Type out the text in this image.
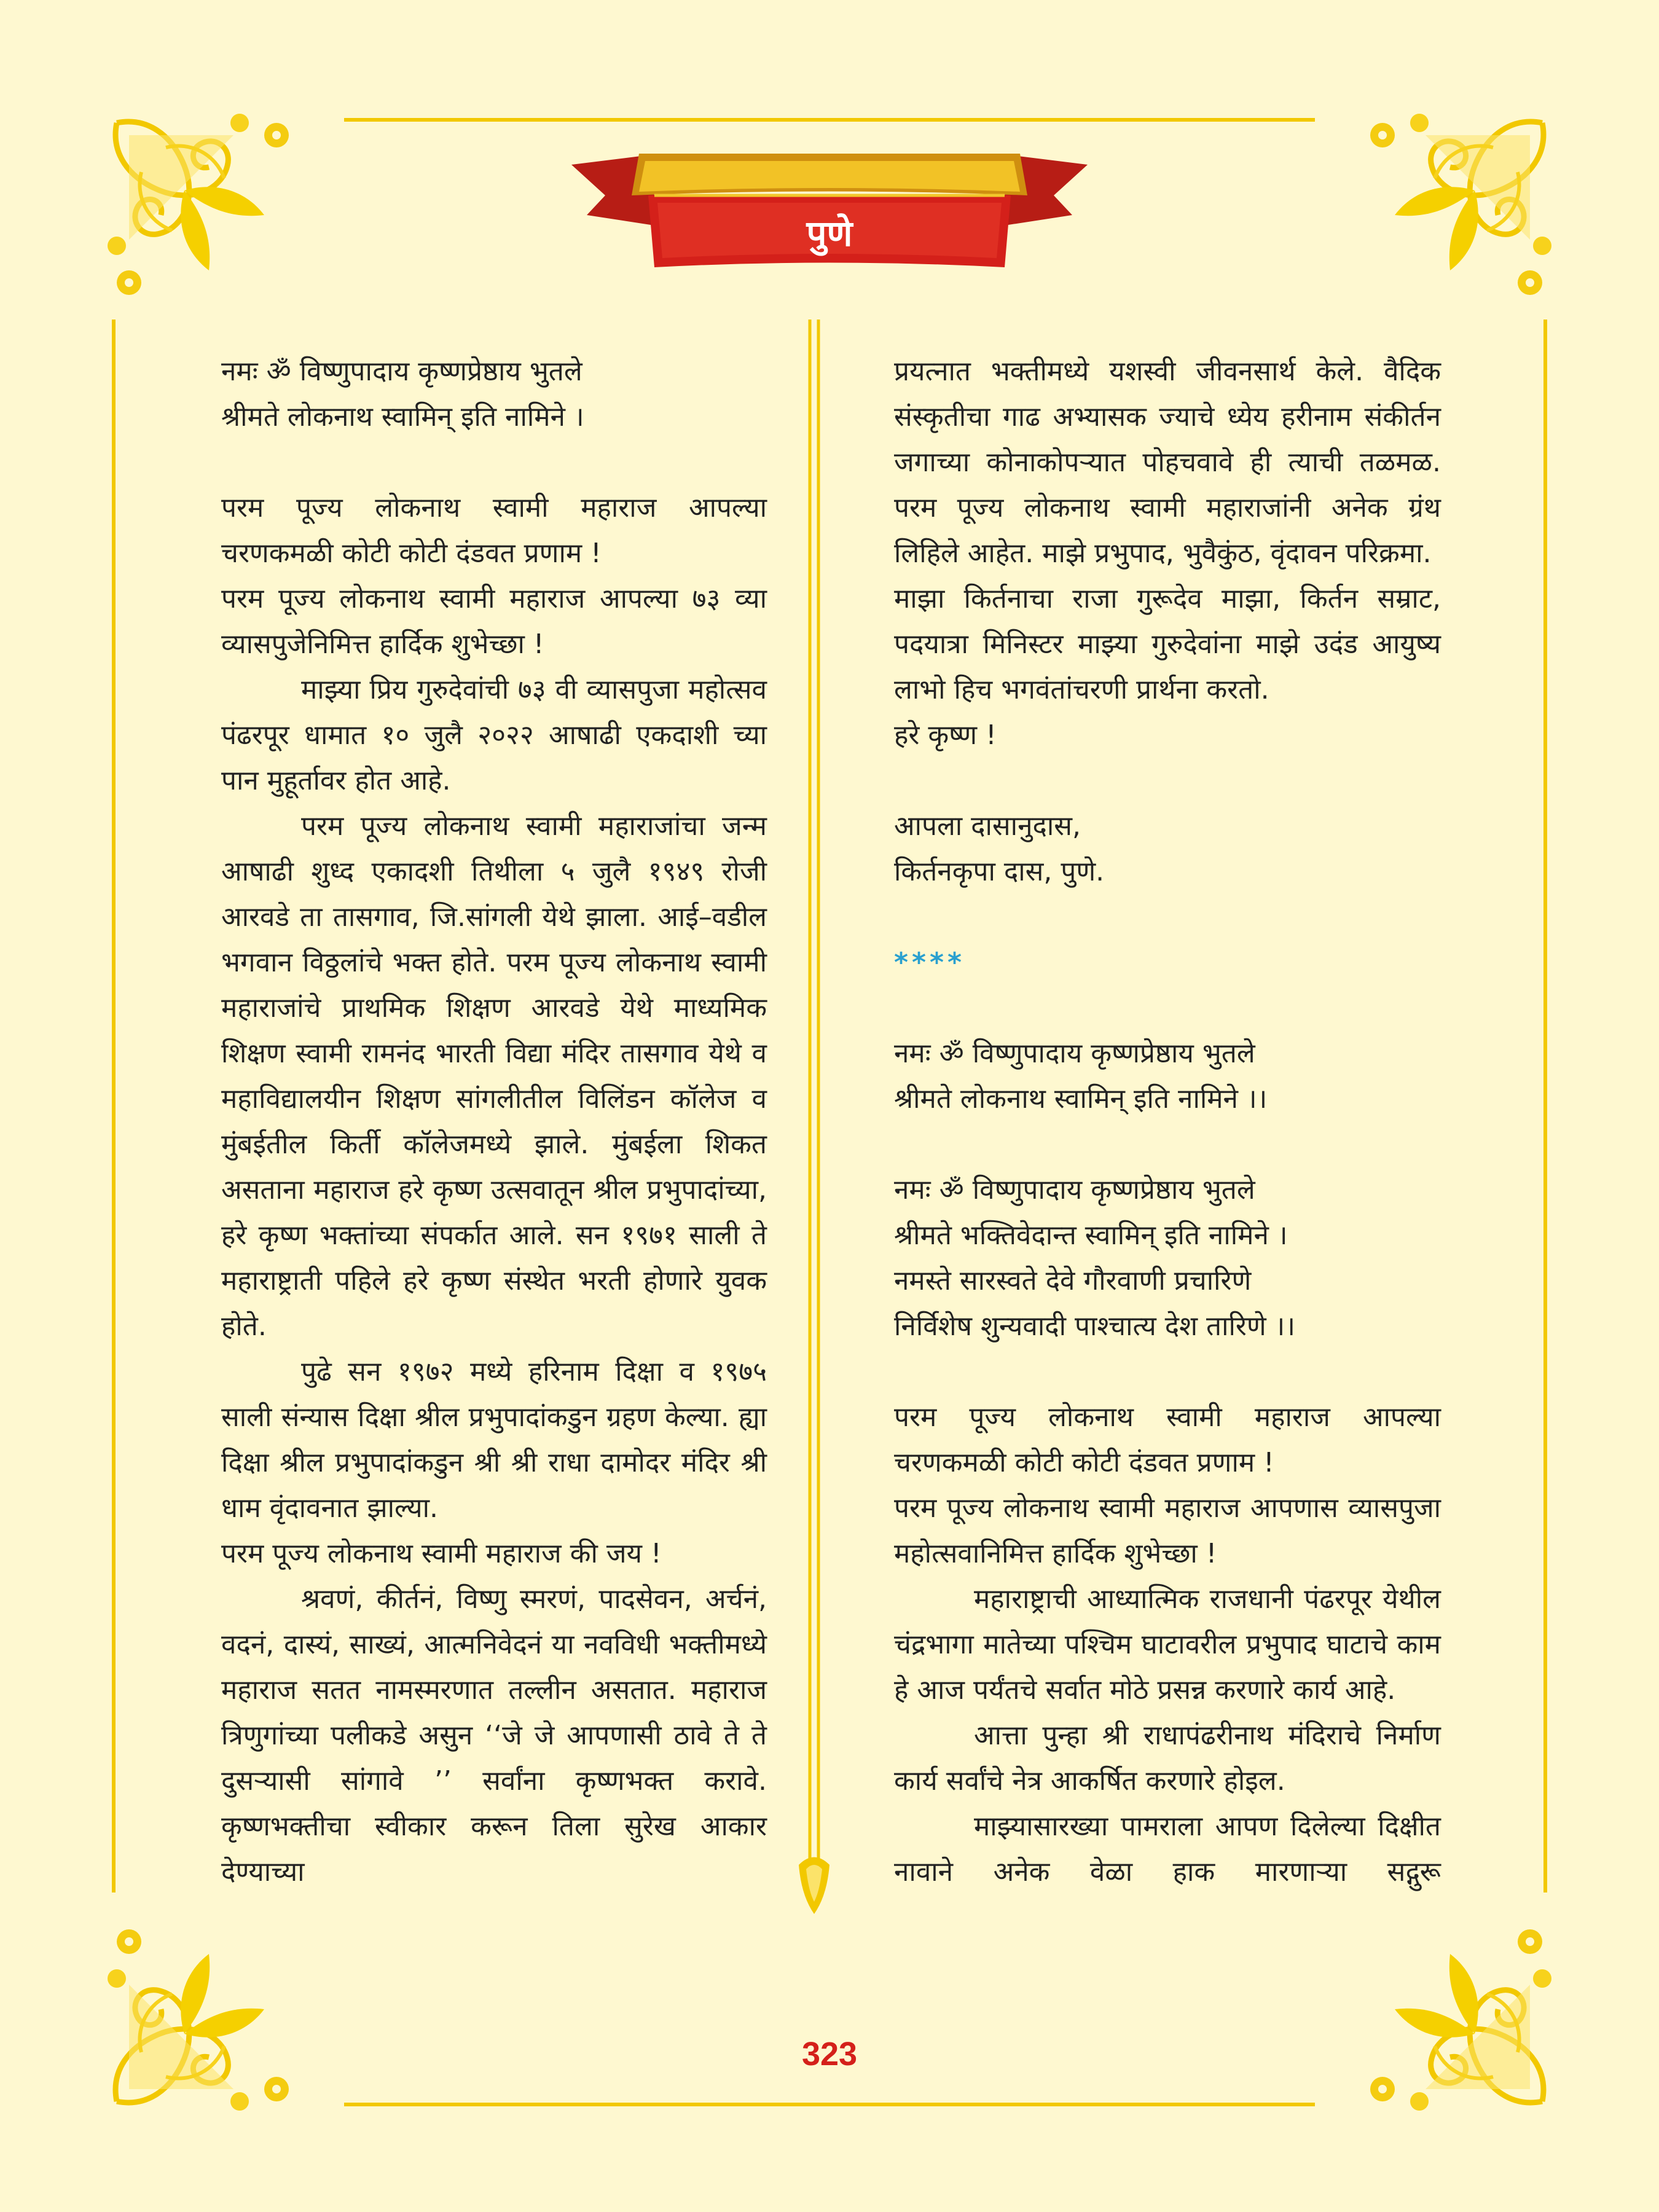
पुणे

नमः ॐ विष्णुपादाय कृष्णप्रेष्ठाय भुतले

श्रीमते लोकनाथ स्वामिन् इति नामिने ।

परम पूज्य लोकनाथ स्वामी महाराज आपल्या चरणकमळी कोटी कोटी दंडवत प्रणाम !

परम पूज्य लोकनाथ स्वामी महाराज आपल्या ७३ व्या व्यासपुजेनिमित्त हार्दिक शुभेच्छा !

माझ्या प्रिय गुरुदेवांची ७३ वी व्यासपुजा महोत्सव पंढरपूर धामात १० जुलै २०२२ आषाढी एकदाशी च्या पान मुहूर्तावर होत आहे.

परम पूज्य लोकनाथ स्वामी महाराजांचा जन्म आषाढी शुध्द एकादशी तिथीला ५ जुलै १९४९ रोजी आरवडे ता तासगाव, जि.सांगली येथे झाला. आई–वडील भगवान विठ्ठलांचे भक्त होते. परम पूज्य लोकनाथ स्वामी महाराजांचे प्राथमिक शिक्षण आरवडे येथे माध्यमिक शिक्षण स्वामी रामनंद भारती विद्या मंदिर तासगाव येथे व महाविद्यालयीन शिक्षण सांगलीतील विलिंडन कॉलेज व मुंबईतील किर्ती कॉलेजमध्ये झाले. मुंबईला शिकत असताना महाराज हरे कृष्ण उत्सवातून श्रील प्रभुपादांच्या, हरे कृष्ण भक्तांच्या संपर्कात आले. सन १९७१ साली ते महाराष्ट्राती पहिले हरे कृष्ण संस्थेत भरती होणारे युवक होते.

पुढे सन १९७२ मध्ये हरिनाम दिक्षा व १९७५ साली संन्यास दिक्षा श्रील प्रभुपादांकडुन ग्रहण केल्या. ह्या दिक्षा श्रील प्रभुपादांकडुन श्री श्री राधा दामोदर मंदिर श्री धाम वृंदावनात झाल्या.

परम पूज्य लोकनाथ स्वामी महाराज की जय !

श्रवणं, कीर्तनं, विष्णु स्मरणं, पादसेवन, अर्चनं, वदनं, दास्यं, साख्यं, आत्मनिवेदनं या नवविधी भक्तीमध्ये महाराज सतत नामस्मरणात तल्लीन असतात. महाराज त्रिणुगांच्या पलीकडे असुन ‘‘जे जे आपणासी ठावे ते ते दुसऱ्यासी सांगावे ’’ सर्वांना कृष्णभक्त करावे. कृष्णभक्तीचा स्वीकार करून तिला सुरेख आकार देण्याच्या

प्रयत्नात भक्तीमध्ये यशस्वी जीवनसार्थ केले. वैदिक संस्कृतीचा गाढ अभ्यासक ज्याचे ध्येय हरीनाम संकीर्तन जगाच्या कोनाकोपऱ्यात पोहचवावे ही त्याची तळमळ. परम पूज्य लोकनाथ स्वामी महाराजांनी अनेक ग्रंथ लिहिले आहेत. माझे प्रभुपाद, भुवैकुंठ, वृंदावन परिक्रमा.

माझा किर्तनाचा राजा गुरूदेव माझा, किर्तन सम्राट, पदयात्रा मिनिस्टर माझ्या गुरुदेवांना माझे उदंड आयुष्य लाभो हिच भगवंतांचरणी प्रार्थना करतो.

हरे कृष्ण !

आपला दासानुदास,

किर्तनकृपा दास, पुणे.

****

नमः ॐ विष्णुपादाय कृष्णप्रेष्ठाय भुतले

श्रीमते लोकनाथ स्वामिन् इति नामिने ।।

नमः ॐ विष्णुपादाय कृष्णप्रेष्ठाय भुतले

श्रीमते भक्तिवेदान्त स्वामिन् इति नामिने ।

नमस्ते सारस्वते देवे गौरवाणी प्रचारिणे

निर्विशेष शुन्यवादी पाश्चात्य देश तारिणे ।।

परम पूज्य लोकनाथ स्वामी महाराज आपल्या चरणकमळी कोटी कोटी दंडवत प्रणाम !

परम पूज्य लोकनाथ स्वामी महाराज आपणास व्यासपुजा महोत्सवानिमित्त हार्दिक शुभेच्छा !

महाराष्ट्राची आध्यात्मिक राजधानी पंढरपूर येथील चंद्रभागा मातेच्या पश्चिम घाटावरील प्रभुपाद घाटाचे काम हे आज पर्यंतचे सर्वात मोठे प्रसन्न करणारे कार्य आहे.

आत्ता पुन्हा श्री राधापंढरीनाथ मंदिराचे निर्माण कार्य सर्वांचे नेत्र आकर्षित करणारे होइल.

माझ्यासारख्या पामराला आपण दिलेल्या दिक्षीत नावाने अनेक वेळा हाक मारणाऱ्या सद्गुरू

323
